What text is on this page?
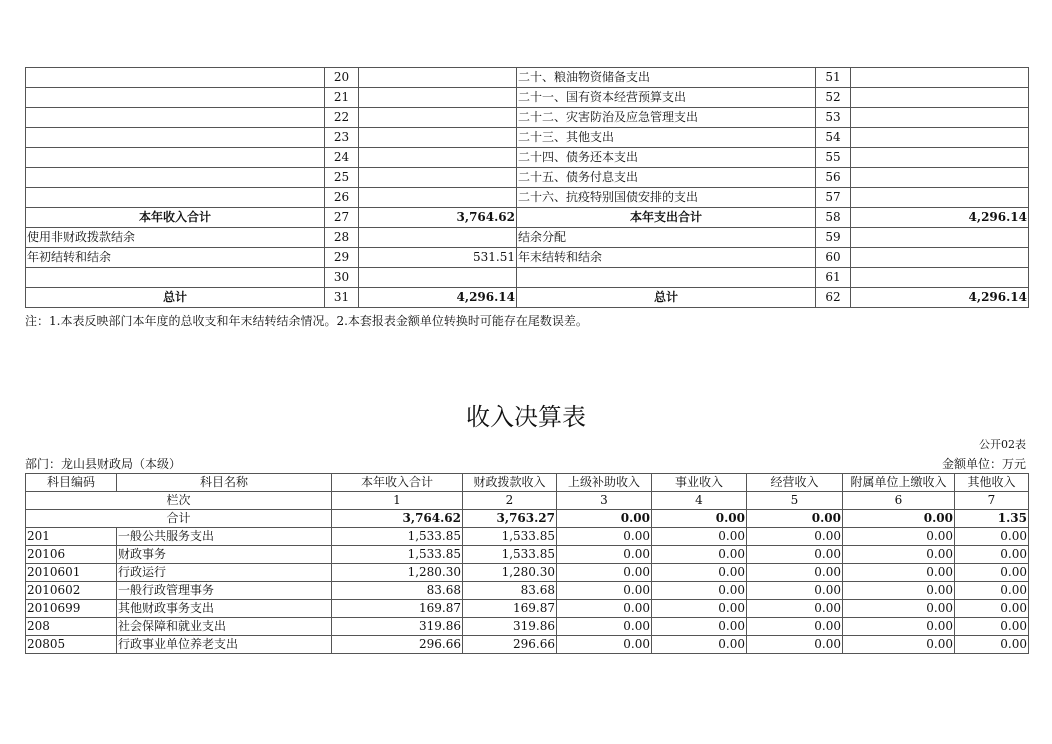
	20		二十、粮油物资储备支出	51	
	21		二十一、国有资本经营预算支出	52	
	22		二十二、灾害防治及应急管理支出	53	
	23		二十三、其他支出	54	
	24		二十四、债务还本支出	55	
	25		二十五、债务付息支出	56	
	26		二十六、抗疫特别国债安排的支出	57	
本年收入合计	27	3,764.62	本年支出合计	58	4,296.14
使用非财政拨款结余	28		结余分配	59	
年初结转和结余	29	531.51	年末结转和结余	60	
	30			61	
总计	31	4,296.14	总计	62	4,296.14
注：1.本表反映部门本年度的总收支和年末结转结余情况。2.本套报表金额单位转换时可能存在尾数误差。
收入决算表
公开02表
部门：龙山县财政局（本级）	金额单位：万元
科目编码	科目名称	本年收入合计	财政拨款收入	上级补助收入	事业收入	经营收入	附属单位上缴收入	其他收入
栏次		1	2	3	4	5	6	7
合计		3,764.62	3,763.27	0.00	0.00	0.00	0.00	1.35
201	一般公共服务支出	1,533.85	1,533.85	0.00	0.00	0.00	0.00	0.00
20106	财政事务	1,533.85	1,533.85	0.00	0.00	0.00	0.00	0.00
2010601	行政运行	1,280.30	1,280.30	0.00	0.00	0.00	0.00	0.00
2010602	一般行政管理事务	83.68	83.68	0.00	0.00	0.00	0.00	0.00
2010699	其他财政事务支出	169.87	169.87	0.00	0.00	0.00	0.00	0.00
208	社会保障和就业支出	319.86	319.86	0.00	0.00	0.00	0.00	0.00
20805	行政事业单位养老支出	296.66	296.66	0.00	0.00	0.00	0.00	0.00
